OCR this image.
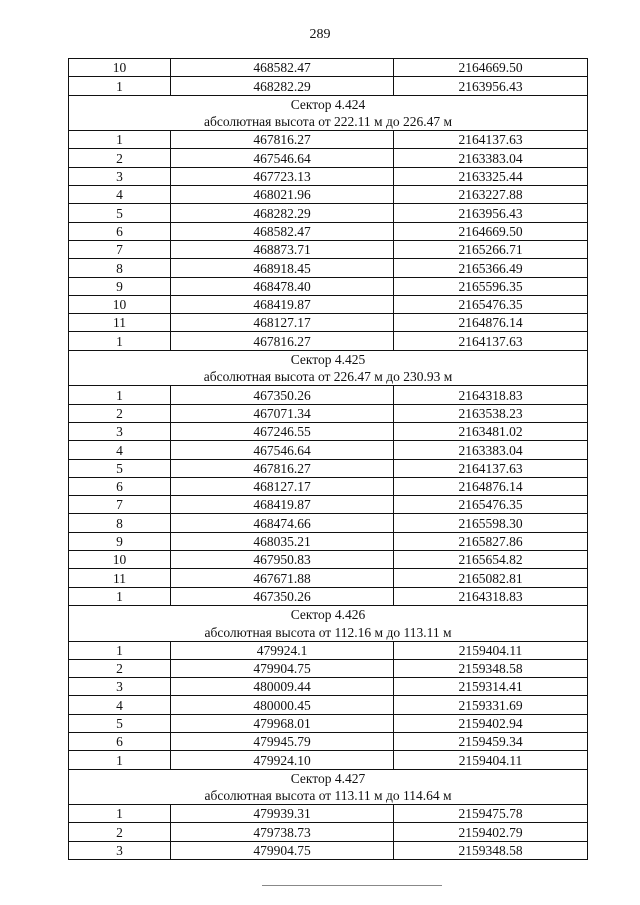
289
10	468582.47	2164669.50
1	468282.29	2163956.43
Сектор 4.424		
абсолютная высота от 222.11 м до 226.47 м		
1	467816.27	2164137.63
2	467546.64	2163383.04
3	467723.13	2163325.44
4	468021.96	2163227.88
5	468282.29	2163956.43
6	468582.47	2164669.50
7	468873.71	2165266.71
8	468918.45	2165366.49
9	468478.40	2165596.35
10	468419.87	2165476.35
11	468127.17	2164876.14
1	467816.27	2164137.63
Сектор 4.425		
абсолютная высота от 226.47 м до 230.93 м		
1	467350.26	2164318.83
2	467071.34	2163538.23
3	467246.55	2163481.02
4	467546.64	2163383.04
5	467816.27	2164137.63
6	468127.17	2164876.14
7	468419.87	2165476.35
8	468474.66	2165598.30
9	468035.21	2165827.86
10	467950.83	2165654.82
11	467671.88	2165082.81
1	467350.26	2164318.83
Сектор 4.426		
абсолютная высота от 112.16 м до 113.11 м		
1	479924.1	2159404.11
2	479904.75	2159348.58
3	480009.44	2159314.41
4	480000.45	2159331.69
5	479968.01	2159402.94
6	479945.79	2159459.34
1	479924.10	2159404.11
Сектор 4.427		
абсолютная высота от 113.11 м до 114.64 м		
1	479939.31	2159475.78
2	479738.73	2159402.79
3	479904.75	2159348.58
